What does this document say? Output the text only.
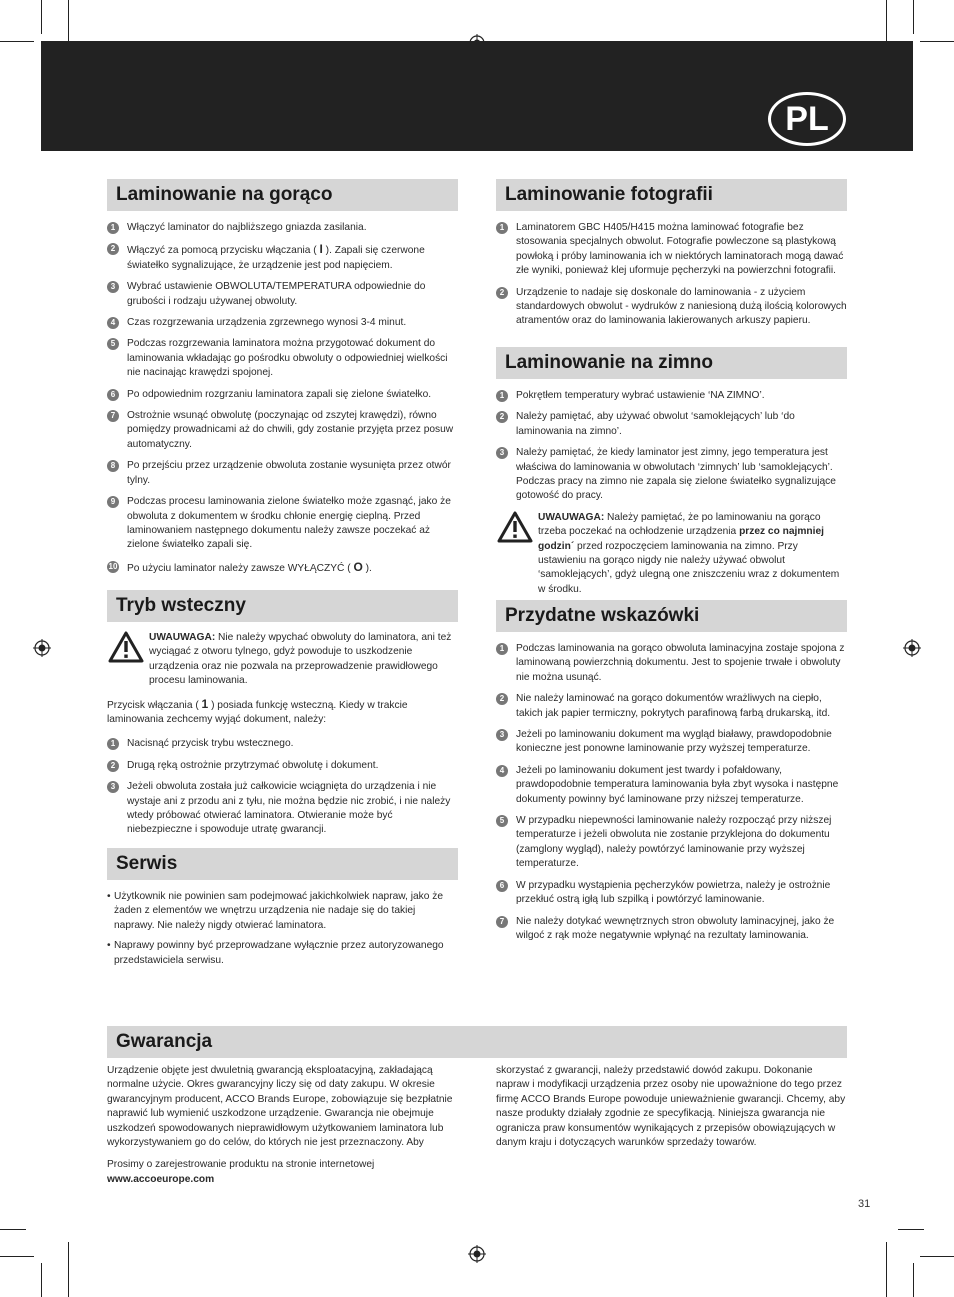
PL
Laminowanie na gorąco
1	Włączyć laminator do najbliższego gniazda zasilania.
2	Włączyć za pomocą przycisku włączania ( I ). Zapali się czerwone światełko sygnalizujące, że urządzenie jest pod napięciem.
3	Wybrać ustawienie OBWOLUTA/TEMPERATURA odpowiednie do grubości i rodzaju używanej obwoluty.
4	Czas rozgrzewania urządzenia zgrzewnego wynosi 3-4 minut.
5	Podczas rozgrzewania laminatora można przygotować dokument do laminowania wkładając go pośrodku obwoluty o odpowiedniej wielkości nie nacinając krawędzi spojonej.
6	Po odpowiednim rozgrzaniu laminatora zapali się zielone światełko.
7	Ostrożnie wsunąć obwolutę (poczynając od zszytej krawędzi), równo pomiędzy prowadnicami aż do chwili, gdy zostanie przyjęta przez posuw automatyczny.
8	Po przejściu przez urządzenie obwoluta zostanie wysunięta przez otwór tylny.
9	Podczas procesu laminowania zielone światełko może zgasnąć, jako że obwoluta z dokumentem w środku chłonie energię cieplną. Przed laminowaniem następnego dokumentu należy zawsze poczekać aż zielone światełko zapali się.
10 Po użyciu laminator należy zawsze WYŁĄCZYĆ ( O ).
Tryb wsteczny
UWAUWAGA: Nie należy wpychać obwoluty do laminatora, ani też wyciągać z otworu tylnego, gdyż powoduje to uszkodzenie urządzenia oraz nie pozwala na przeprowadzenie prawidłowego procesu laminowania.
Przycisk włączania ( 1 ) posiada funkcję wsteczną. Kiedy w trakcie laminowania zechcemy wyjąć dokument, należy:
1	Nacisnąć przycisk trybu wstecznego.
2	Drugą ręką ostrożnie przytrzymać obwolutę i dokument.
3	Jeżeli obwoluta została już całkowicie wciągnięta do urządzenia i nie wystaje ani z przodu ani z tyłu, nie można będzie nic zrobić, i nie należy wtedy próbować otwierać laminatora. Otwieranie może być niebezpieczne i spowoduje utratę gwarancji.
Serwis
• Użytkownik nie powinien sam podejmować jakichkolwiek napraw, jako że żaden z elementów we wnętrzu urządzenia nie nadaje się do takiej naprawy. Nie należy nigdy otwierać laminatora.
• Naprawy powinny być przeprowadzane wyłącznie przez autoryzowanego przedstawiciela serwisu.
Laminowanie fotografii
1	Laminatorem GBC H405/H415 można laminować fotografie bez stosowania specjalnych obwolut. Fotografie powleczone są plastykową powłoką i próby laminowania ich w niektórych laminatorach mogą dawać złe wyniki, ponieważ klej uformuje pęcherzyki na powierzchni fotografii.
2	Urządzenie to nadaje się doskonale do laminowania - z użyciem standardowych obwolut - wydruków z naniesioną dużą ilością kolorowych atramentów oraz do laminowania lakierowanych arkuszy papieru.
Laminowanie na zimno
1	Pokrętłem temperatury wybrać ustawienie ‘NA ZIMNO’.
2	Należy pamiętać, aby używać obwolut ‘samoklejących’ lub ‘do laminowania na zimno’.
3	Należy pamiętać, że kiedy laminator jest zimny, jego temperatura jest właściwa do laminowania w obwolutach ‘zimnych’ lub ‘samoklejących’. Podczas pracy na zimno nie zapala się zielone światełko sygnalizujące gotowość do pracy.
UWAUWAGA: Należy pamiętać, że po laminowaniu na gorąco trzeba poczekać na ochłodzenie urządzenia przez co najmniej godzin´ przed rozpoczęciem laminowania na zimno. Przy ustawieniu na gorąco nigdy nie należy używać obwolut ‘samoklejących’, gdyż ulegną one zniszczeniu wraz z dokumentem w środku.
Przydatne wskazówki
1	Podczas laminowania na gorąco obwoluta laminacyjna zostaje spojona z laminowaną powierzchnią dokumentu. Jest to spojenie trwałe i obwoluty nie można usunąć.
2	Nie należy laminować na gorąco dokumentów wrażliwych na ciepło, takich jak papier termiczny, pokrytych parafinową farbą drukarską, itd.
3	Jeżeli po laminowaniu dokument ma wygląd białawy, prawdopodobnie konieczne jest ponowne laminowanie przy wyższej temperaturze.
4	Jeżeli po laminowaniu dokument jest twardy i pofałdowany, prawdopodobnie temperatura laminowania była zbyt wysoka i następne dokumenty powinny być laminowane przy niższej temperaturze.
5	W przypadku niepewności laminowanie należy rozpocząć przy niższej temperaturze i jeżeli obwoluta nie zostanie przyklejona do dokumentu (zamglony wygląd), należy powtórzyć laminowanie przy wyższej temperaturze.
6	W przypadku wystąpienia pęcherzyków powietrza, należy je ostrożnie przekłuć ostrą igłą lub szpilką i powtórzyć laminowanie.
7	Nie należy dotykać wewnętrznych stron obwoluty laminacyjnej, jako że wilgoć z rąk może negatywnie wpłynąć na rezultaty laminowania.
Gwarancja
Urządzenie objęte jest dwuletnią gwarancją eksploatacyjną, zakładającą normalne użycie. Okres gwarancyjny liczy się od daty zakupu. W okresie gwarancyjnym producent, ACCO Brands Europe, zobowiązuje się bezpłatnie naprawić lub wymienić uszkodzone urządzenie. Gwarancja nie obejmuje uszkodzeń spowodowanych nieprawidłowym użytkowaniem laminatora lub wykorzystywaniem go do celów, do których nie jest przeznaczony. Aby
Prosimy o zarejestrowanie produktu na stronie internetowej www.accoeurope.com
skorzystać z gwarancji, należy przedstawić dowód zakupu. Dokonanie napraw i modyfikacji urządzenia przez osoby nie upoważnione do tego przez firmę ACCO Brands Europe powoduje unieważnienie gwarancji. Chcemy, aby nasze produkty działały zgodnie ze specyfikacją. Niniejsza gwarancja nie ogranicza praw konsumentów wynikających z przepisów obowiązujących w danym kraju i dotyczących warunków sprzedaży towarów.
31
